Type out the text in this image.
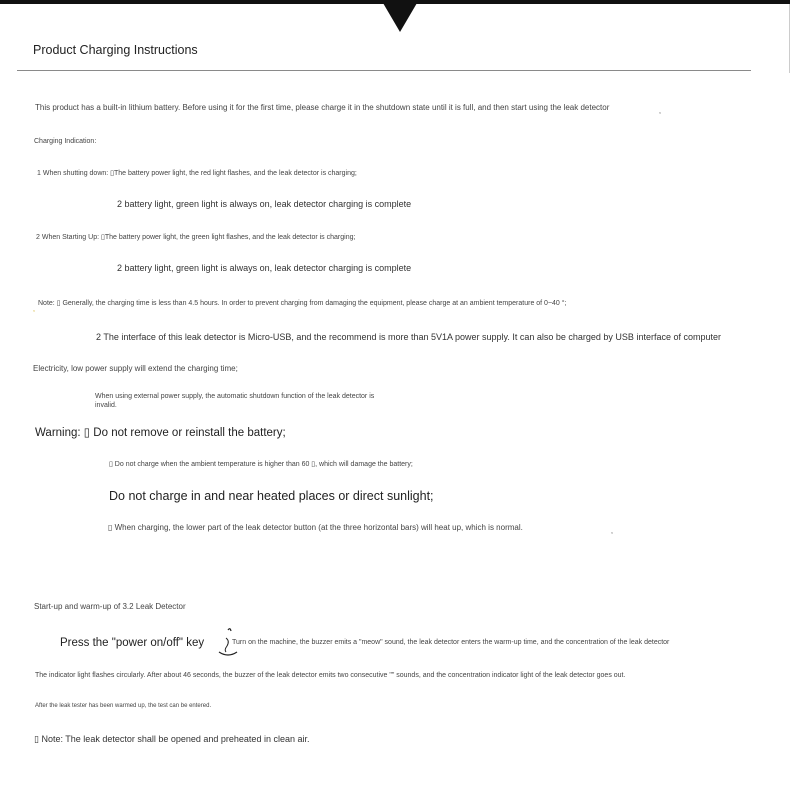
Product Charging Instructions
This product has a built-in lithium battery. Before using it for the first time, please charge it in the shutdown state until it is full, and then start using the leak detector	,
Charging Indication:
1 When shutting down: ▯The battery power light, the red light flashes, and the leak detector is charging;
2 battery light, green light is always on, leak detector charging is complete
2 When Starting Up: ▯The battery power light, the green light flashes, and the leak detector is charging;
2 battery light, green light is always on, leak detector charging is complete
Note: ▯ Generally, the charging time is less than 4.5 hours. In order to prevent charging from damaging the equipment, please charge at an ambient temperature of 0~40 °;
,
2 The interface of this leak detector is Micro-USB, and the recommend is more than 5V1A power supply. It can also be charged by USB interface of computer
Electricity, low power supply will extend the charging time;
When using external power supply, the automatic shutdown function of the leak detector is
invalid.
Warning: ▯ Do not remove or reinstall the battery;
▯ Do not charge when the ambient temperature is higher than 60 ▯, which will damage the battery;
Do not charge in and near heated places or direct sunlight;
▯ When charging, the lower part of the leak detector button (at the three horizontal bars) will heat up, which is normal.	,
Start-up and warm-up of 3.2 Leak Detector
Press the "power on/off" key	Turn on the machine, the buzzer emits a "meow" sound, the leak detector enters the warm-up time, and the concentration of the leak detector
The indicator light flashes circularly. After about 46 seconds, the buzzer of the leak detector emits two consecutive "" sounds, and the concentration indicator light of the leak detector goes out.
After the leak tester has been warmed up, the test can be entered.
▯ Note: The leak detector shall be opened and preheated in clean air.
